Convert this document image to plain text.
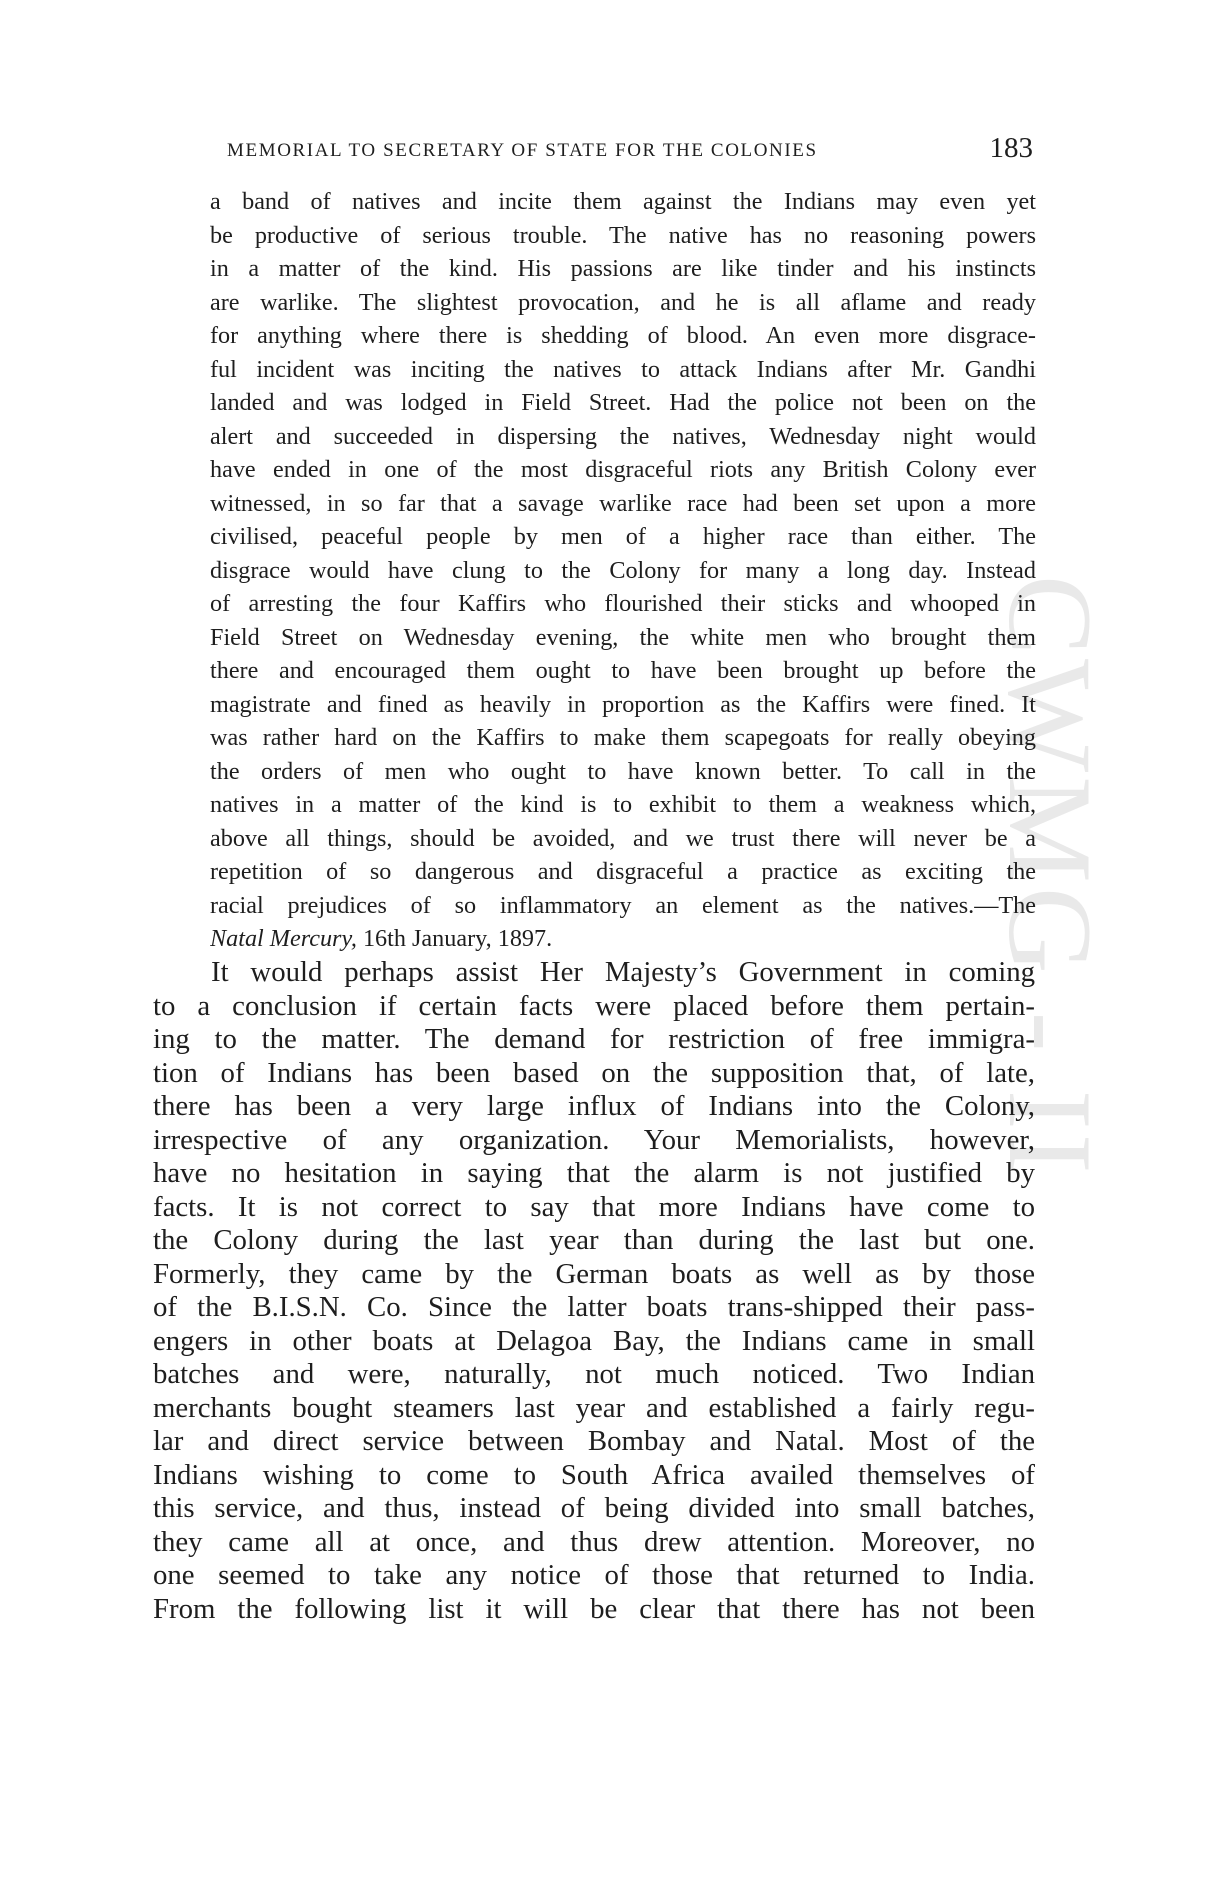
CWMG - II
MEMORIAL TO SECRETARY OF STATE FOR THE COLONIES	183
a band of natives and incite them against the Indians may even yet
be productive of serious trouble. The native has no reasoning powers
in a matter of the kind. His passions are like tinder and his instincts
are warlike. The slightest provocation, and he is all aflame and ready
for anything where there is shedding of blood. An even more disgrace-
ful incident was inciting the natives to attack Indians after Mr. Gandhi
landed and was lodged in Field Street. Had the police not been on the
alert and succeeded in dispersing the natives, Wednesday night would
have ended in one of the most disgraceful riots any British Colony ever
witnessed, in so far that a savage warlike race had been set upon a more
civilised, peaceful people by men of a higher race than either. The
disgrace would have clung to the Colony for many a long day. Instead
of arresting the four Kaffirs who flourished their sticks and whooped in
Field Street on Wednesday evening, the white men who brought them
there and encouraged them ought to have been brought up before the
magistrate and fined as heavily in proportion as the Kaffirs were fined. It
was rather hard on the Kaffirs to make them scapegoats for really obeying
the orders of men who ought to have known better. To call in the
natives in a matter of the kind is to exhibit to them a weakness which,
above all things, should be avoided, and we trust there will never be a
repetition of so dangerous and disgraceful a practice as exciting the
racial prejudices of so inflammatory an element as the natives.—The
Natal Mercury, 16th January, 1897.
It would perhaps assist Her Majesty’s Government in coming
to a conclusion if certain facts were placed before them pertain-
ing to the matter. The demand for restriction of free immigra-
tion of Indians has been based on the supposition that, of late,
there has been a very large influx of Indians into the Colony,
irrespective of any organization. Your Memorialists, however,
have no hesitation in saying that the alarm is not justified by
facts. It is not correct to say that more Indians have come to
the Colony during the last year than during the last but one.
Formerly, they came by the German boats as well as by those
of the B.I.S.N. Co. Since the latter boats trans-shipped their pass-
engers in other boats at Delagoa Bay, the Indians came in small
batches and were, naturally, not much noticed. Two Indian
merchants bought steamers last year and established a fairly regu-
lar and direct service between Bombay and Natal. Most of the
Indians wishing to come to South Africa availed themselves of
this service, and thus, instead of being divided into small batches,
they came all at once, and thus drew attention. Moreover, no
one seemed to take any notice of those that returned to India.
From the following list it will be clear that there has not been
